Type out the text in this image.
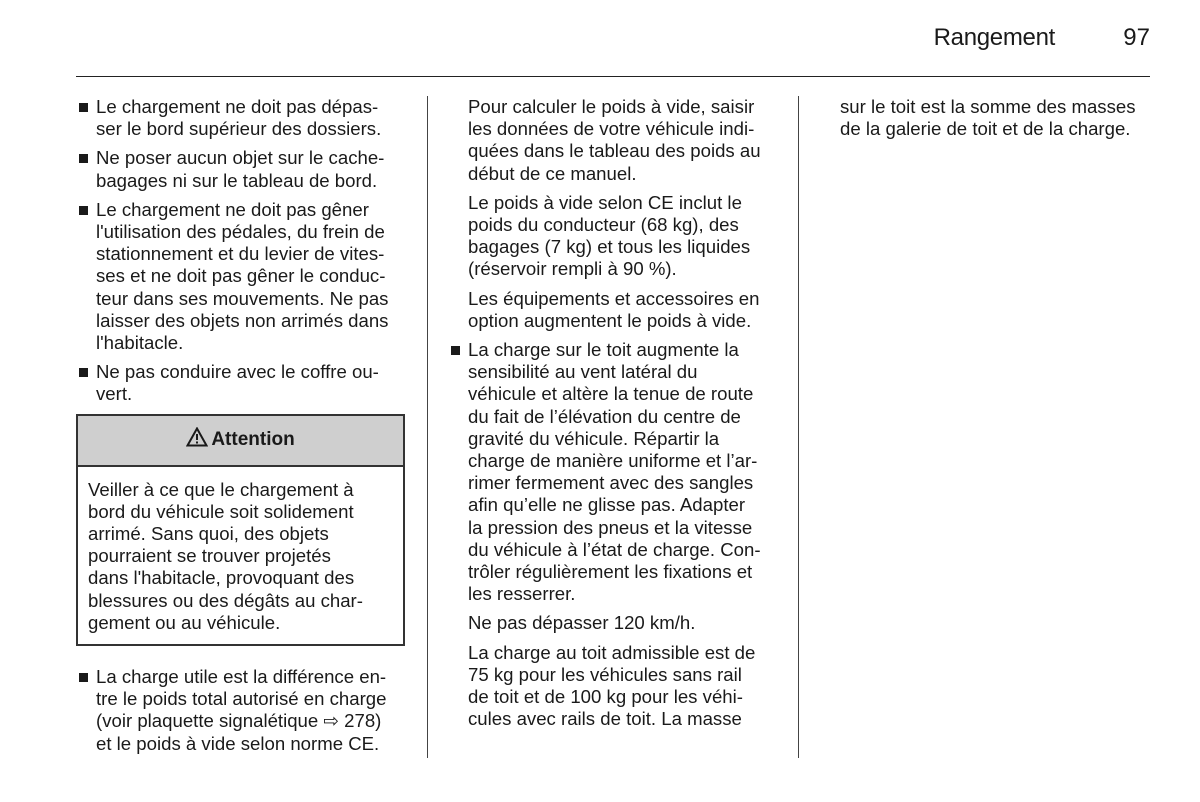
Rangement	97
Le chargement ne doit pas dépas-
ser le bord supérieur des dossiers.
Ne poser aucun objet sur le cache-
bagages ni sur le tableau de bord.
Le chargement ne doit pas gêner
l'utilisation des pédales, du frein de
stationnement et du levier de vites-
ses et ne doit pas gêner le conduc-
teur dans ses mouvements. Ne pas
laisser des objets non arrimés dans
l'habitacle.
Ne pas conduire avec le coffre ou-
vert.
Attention
Veiller à ce que le chargement à
bord du véhicule soit solidement
arrimé. Sans quoi, des objets
pourraient se trouver projetés
dans l'habitacle, provoquant des
blessures ou des dégâts au char-
gement ou au véhicule.
La charge utile est la différence en-
tre le poids total autorisé en charge
(voir plaquette signalétique ⇨ 278)
et le poids à vide selon norme CE.
Pour calculer le poids à vide, saisir
les données de votre véhicule indi-
quées dans le tableau des poids au
début de ce manuel.
Le poids à vide selon CE inclut le
poids du conducteur (68 kg), des
bagages (7 kg) et tous les liquides
(réservoir rempli à 90 %).
Les équipements et accessoires en
option augmentent le poids à vide.
La charge sur le toit augmente la
sensibilité au vent latéral du
véhicule et altère la tenue de route
du fait de l’élévation du centre de
gravité du véhicule. Répartir la
charge de manière uniforme et l’ar-
rimer fermement avec des sangles
afin qu’elle ne glisse pas. Adapter
la pression des pneus et la vitesse
du véhicule à l’état de charge. Con-
trôler régulièrement les fixations et
les resserrer.
Ne pas dépasser 120 km/h.
La charge au toit admissible est de
75 kg pour les véhicules sans rail
de toit et de 100 kg pour les véhi-
cules avec rails de toit. La masse
sur le toit est la somme des masses
de la galerie de toit et de la charge.
